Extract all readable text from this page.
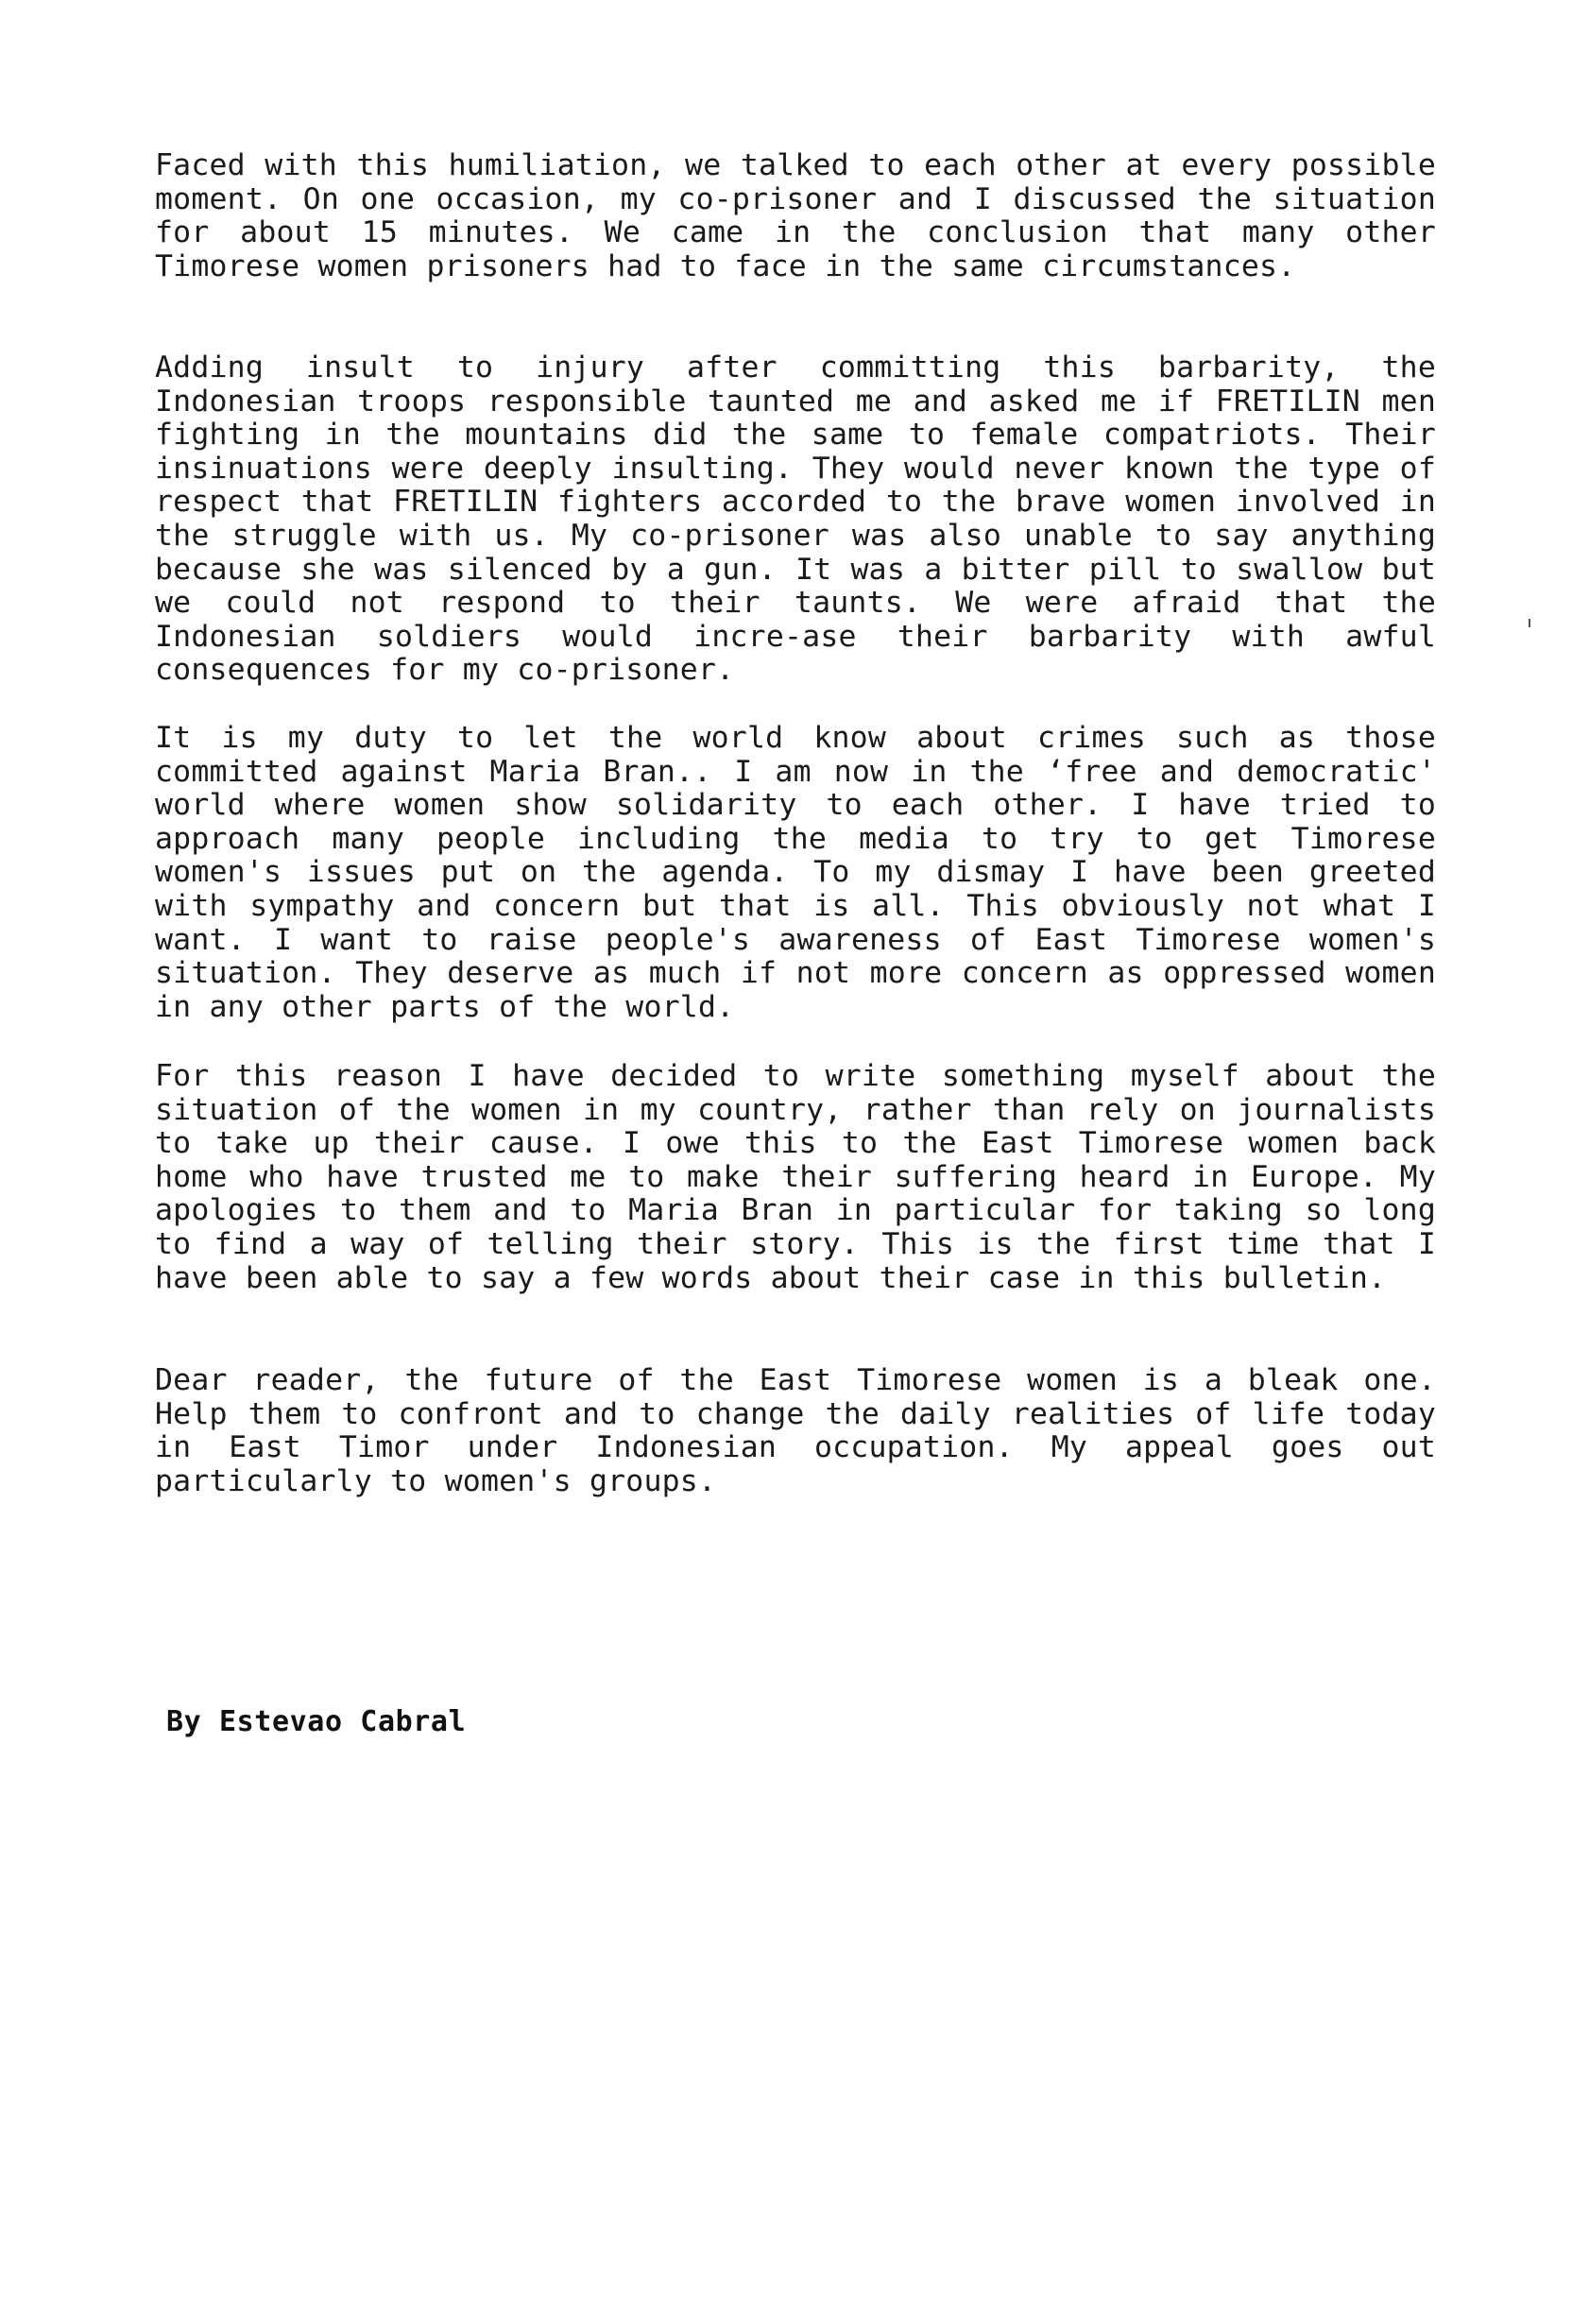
Faced with this humiliation, we talked to each other at every possible moment. On one occasion, my co-prisoner and I discussed the situation for about 15 minutes. We came in the conclusion that many other Timorese women prisoners had to face in the same circumstances.

Adding insult to injury after committing this barbarity, the Indonesian troops responsible taunted me and asked me if FRETILIN men fighting in the mountains did the same to female compatriots. Their insinuations were deeply insulting. They would never known the type of respect that FRETILIN fighters accorded to the brave women involved in the struggle with us. My co-prisoner was also unable to say anything because she was silenced by a gun. It was a bitter pill to swallow but we could not respond to their taunts. We were afraid that the Indonesian soldiers would incre-ase their barbarity with awful consequences for my co-prisoner.

It is my duty to let the world know about crimes such as those committed against Maria Bran.. I am now in the ‘free and democratic' world where women show solidarity to each other. I have tried to approach many people including the media to try to get Timorese women's issues put on the agenda. To my dismay I have been greeted with sympathy and concern but that is all. This obviously not what I want. I want to raise people's awareness of East Timorese women's situation. They deserve as much if not more concern as oppressed women in any other parts of the world.

For this reason I have decided to write something myself about the situation of the women in my country, rather than rely on journalists to take up their cause. I owe this to the East Timorese women back home who have trusted me to make their suffering heard in Europe. My apologies to them and to Maria Bran in particular for taking so long to find a way of telling their story. This is the first time that I have been able to say a few words about their case in this bulletin.

Dear reader, the future of the East Timorese women is a bleak one. Help them to confront and to change the daily realities of life today in East Timor under Indonesian occupation. My appeal goes out particularly to women's groups.

By Estevao Cabral
